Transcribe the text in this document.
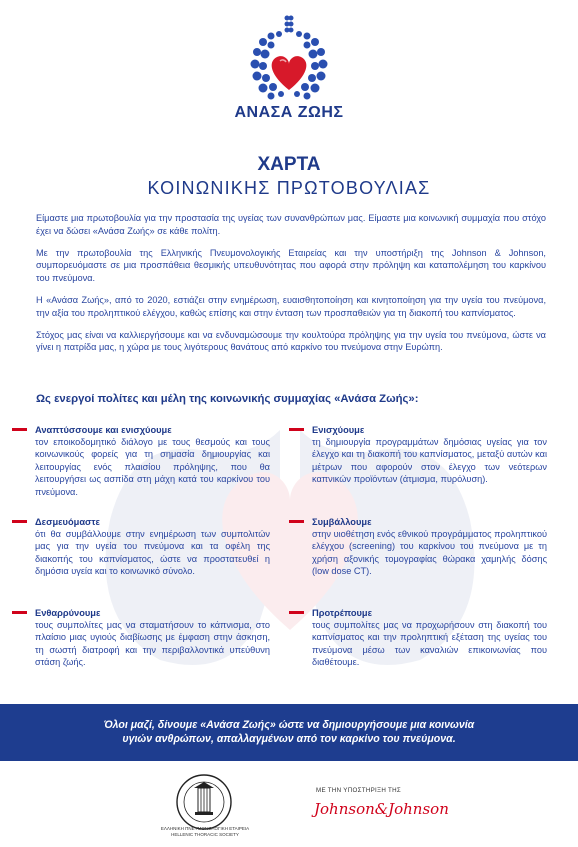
ΑΝΑΣΑ ΖΩΗΣ
ΧΑΡΤΑ
ΚΟΙΝΩΝΙΚΗΣ ΠΡΩΤΟΒΟΥΛΙΑΣ

Είμαστε μια πρωτοβουλία για την προστασία της υγείας των συνανθρώπων μας. Είμαστε μια κοινωνική συμμαχία που στόχο έχει να δώσει «Ανάσα Ζωής» σε κάθε πολίτη.

Με την πρωτοβουλία της Ελληνικής Πνευμονολογικής Εταιρείας και την υποστήριξη της Johnson & Johnson, συμπορευόμαστε σε μια προσπάθεια θεσμικής υπευθυνότητας που αφορά στην πρόληψη και καταπολέμηση του καρκίνου του πνεύμονα.

Η «Ανάσα Ζωής», από το 2020, εστιάζει στην ενημέρωση, ευαισθητοποίηση και κινητοποίηση για την υγεία του πνεύμονα, την αξία του προληπτικού ελέγχου, καθώς επίσης και στην ένταση των προσπαθειών για τη διακοπή του καπνίσματος.

Στόχος μας είναι να καλλιεργήσουμε και να ενδυναμώσουμε την κουλτούρα πρόληψης για την υγεία του πνεύμονα, ώστε να γίνει η πατρίδα μας, η χώρα με τους λιγότερους θανάτους από καρκίνο του πνεύμονα στην Ευρώπη.

Ως ενεργοί πολίτες και μέλη της κοινωνικής συμμαχίας «Ανάσα Ζωής»:
Αναπτύσσουμε και ενισχύουμε

τον εποικοδομητικό διάλογο με τους θεσμούς και τους κοινωνικούς φορείς για τη σημασία δημιουργίας και λειτουργίας ενός πλαισίου πρόληψης, που θα λειτουργήσει ως ασπίδα στη μάχη κατά του καρκίνου του πνεύμονα.

Ενισχύουμε

τη δημιουργία προγραμμάτων δημόσιας υγείας για τον έλεγχο και τη διακοπή του καπνίσματος, μεταξύ αυτών και μέτρων που αφορούν στον έλεγχο των νεότερων καπνικών προϊόντων (άτμισμα, πυρόλυση).

Δεσμευόμαστε

ότι θα συμβάλλουμε στην ενημέρωση των συμπολιτών μας για την υγεία του πνεύμονα και τα οφέλη της διακοπής του καπνίσματος, ώστε να προστατευθεί η δημόσια υγεία και το κοινωνικό σύνολο.

Συμβάλλουμε

στην υιοθέτηση ενός εθνικού προγράμματος προληπτικού ελέγχου (screening) του καρκίνου του πνεύμονα με τη χρήση αξονικής τομογραφίας θώρακα χαμηλής δόσης (low dose CT).

Ενθαρρύνουμε

τους συμπολίτες μας να σταματήσουν το κάπνισμα, στο πλαίσιο μιας υγιούς διαβίωσης με έμφαση στην άσκηση, τη σωστή διατροφή και την περιβαλλοντικά υπεύθυνη στάση ζωής.

Προτρέπουμε

τους συμπολίτες μας να προχωρήσουν στη διακοπή του καπνίσματος και την προληπτική εξέταση της υγείας του πνεύμονα μέσω των καναλιών επικοινωνίας που διαθέτουμε.

Όλοι μαζί, δίνουμε «Ανάσα Ζωής» ώστε να δημιουργήσουμε μια κοινωνία
υγιών ανθρώπων, απαλλαγμένων από τον καρκίνο του πνεύμονα.
ΕΛΛΗΝΙΚΗ ΠΝΕΥΜΟΝΟΛΟΓΙΚΗ ΕΤΑΙΡΕΙΑ
HELLENIC THORACIC SOCIETY
ΜΕ ΤΗΝ ΥΠΟΣΤΗΡΙΞΗ ΤΗΣ
Johnson&Johnson
